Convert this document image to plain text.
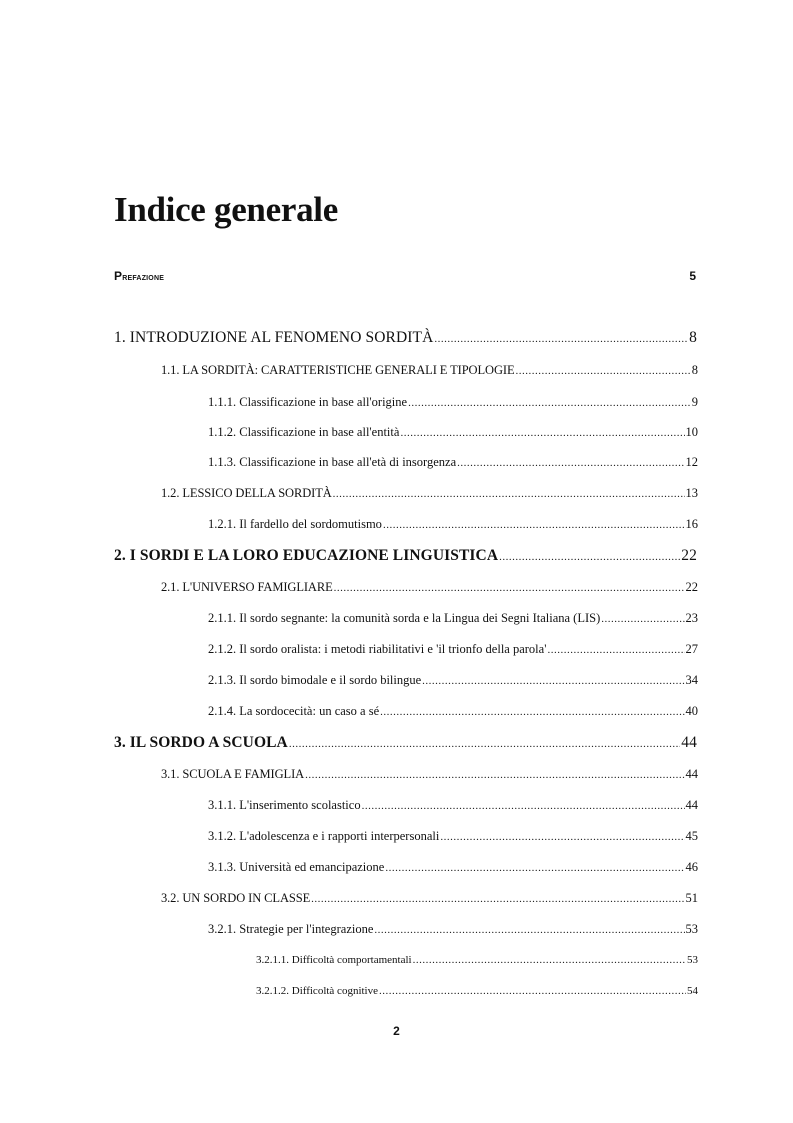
Indice generale
Prefazione	5
1. INTRODUZIONE AL FENOMENO SORDITÀ .....	8
1.1. LA SORDITÀ: CARATTERISTICHE GENERALI E TIPOLOGIE .....	8
1.1.1. Classificazione in base all'origine .....	9
1.1.2. Classificazione in base all'entità .....	10
1.1.3. Classificazione in base all'età di insorgenza .....	12
1.2. LESSICO DELLA SORDITÀ .....	13
1.2.1. Il fardello del sordomutismo .....	16
2. I SORDI E LA LORO EDUCAZIONE LINGUISTICA .....	22
2.1. L'UNIVERSO FAMIGLIARE .....	22
2.1.1. Il sordo segnante: la comunità sorda e la Lingua dei Segni Italiana (LIS) .....	23
2.1.2. Il sordo oralista: i metodi riabilitativi e 'il trionfo della parola' .....	27
2.1.3. Il sordo bimodale e il sordo bilingue .....	34
2.1.4. La sordocecità: un caso a sé .....	40
3. IL SORDO A SCUOLA .....	44
3.1. SCUOLA E FAMIGLIA .....	44
3.1.1. L'inserimento scolastico .....	44
3.1.2. L'adolescenza e i rapporti interpersonali .....	45
3.1.3. Università ed emancipazione .....	46
3.2. UN SORDO IN CLASSE .....	51
3.2.1. Strategie per l'integrazione .....	53
3.2.1.1. Difficoltà comportamentali .....	53
3.2.1.2. Difficoltà cognitive .....	54
2
